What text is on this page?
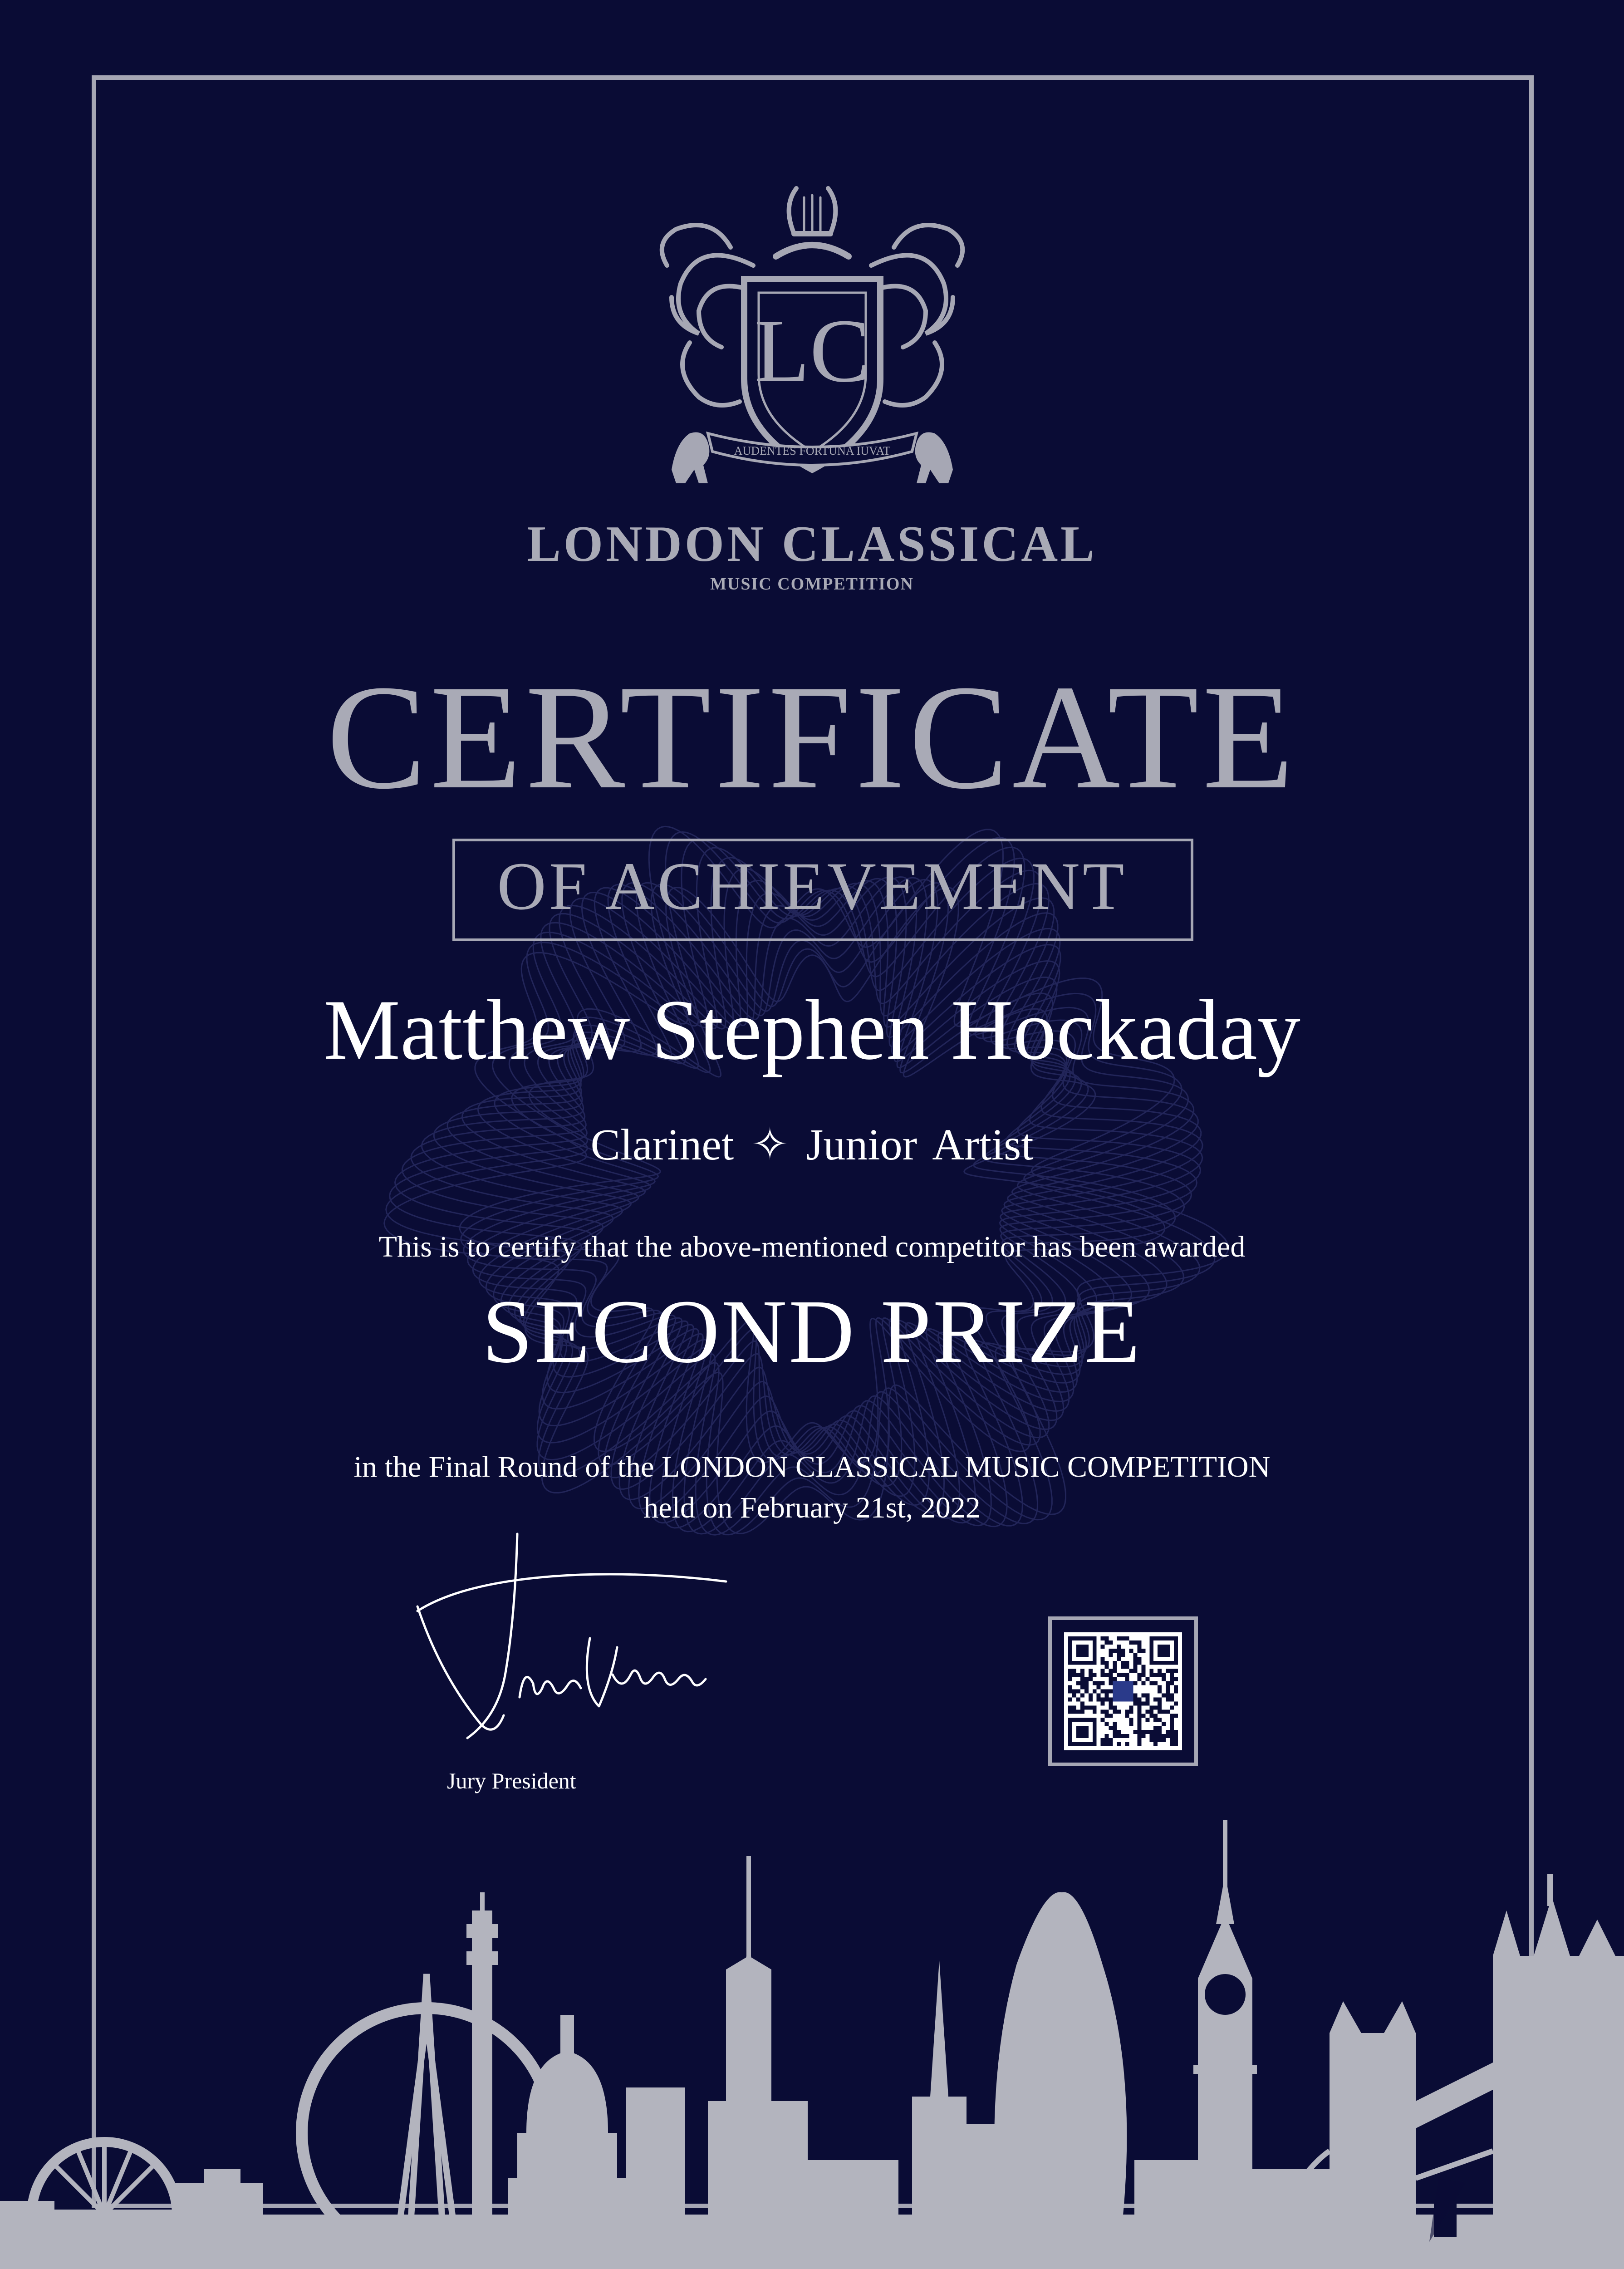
LC
AUDENTES FORTUNA IUVAT
LONDON CLASSICAL
MUSIC COMPETITION
CERTIFICATE
OF ACHIEVEMENT
Matthew Stephen Hockaday
Clarinet ✧ Junior Artist
This is to certify that the above-mentioned competitor has been awarded
SECOND PRIZE
in the Final Round of the LONDON CLASSICAL MUSIC COMPETITION
held on February 21st, 2022
Jury President
